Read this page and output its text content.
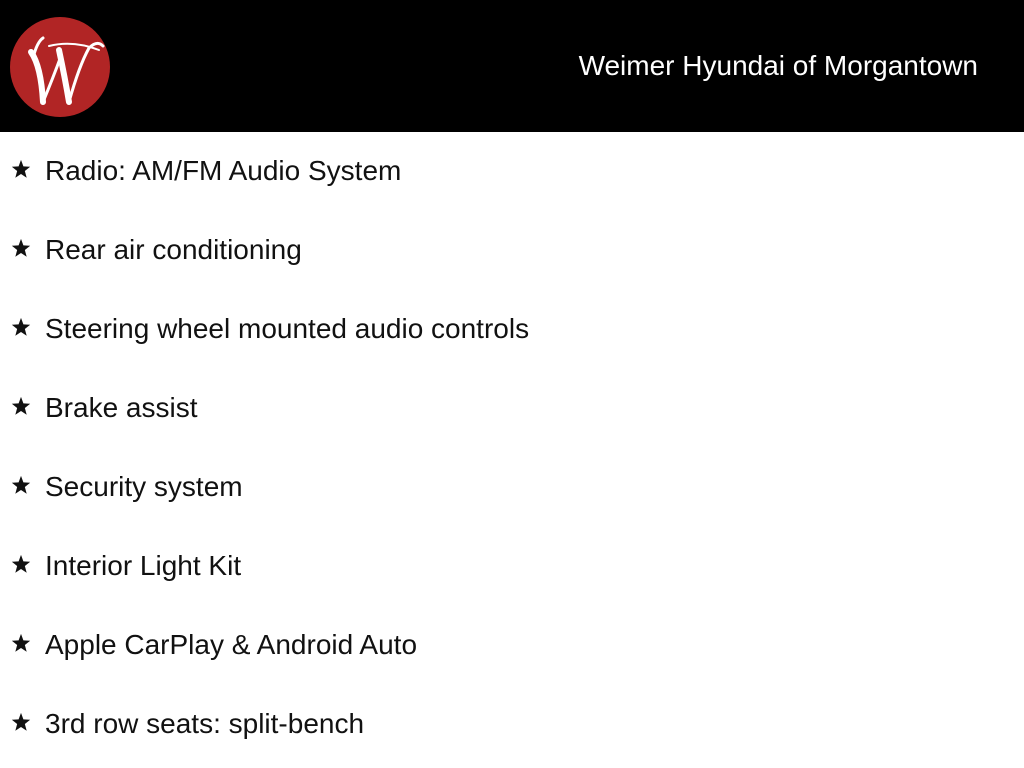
Weimer Hyundai of Morgantown
Radio: AM/FM Audio System
Rear air conditioning
Steering wheel mounted audio controls
Brake assist
Security system
Interior Light Kit
Apple CarPlay & Android Auto
3rd row seats: split-bench
